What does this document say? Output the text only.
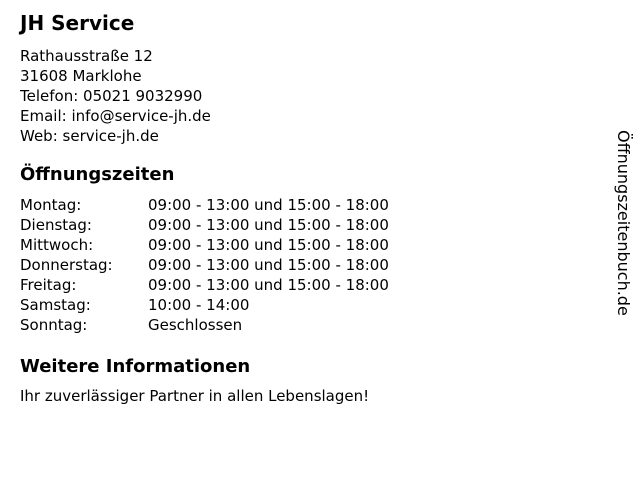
JH Service
Rathausstraße 12
31608 Marklohe
Telefon: 05021 9032990
Email: info@service-jh.de
Web: service-jh.de
Öffnungszeiten
Montag:	09:00 - 13:00 und 15:00 - 18:00
Dienstag:	09:00 - 13:00 und 15:00 - 18:00
Mittwoch:	09:00 - 13:00 und 15:00 - 18:00
Donnerstag:	09:00 - 13:00 und 15:00 - 18:00
Freitag:	09:00 - 13:00 und 15:00 - 18:00
Samstag:	10:00 - 14:00
Sonntag:	Geschlossen
Weitere Informationen
Ihr zuverlässiger Partner in allen Lebenslagen!
Öffnungszeitenbuch.de
